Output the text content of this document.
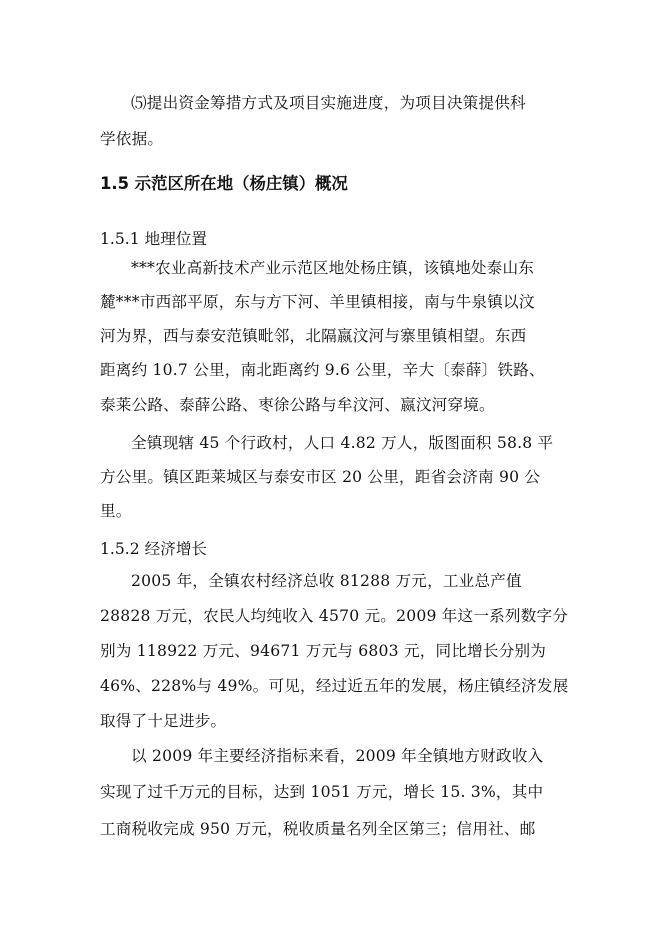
⑸提出资金筹措方式及项目实施进度，为项目决策提供科
学依据。
1.5 示范区所在地（杨庄镇）概况
1.5.1 地理位置
***农业高新技术产业示范区地处杨庄镇，该镇地处泰山东
麓***市西部平原，东与方下河、羊里镇相接，南与牛泉镇以汶
河为界，西与泰安范镇毗邻，北隔嬴汶河与寨里镇相望。东西
距离约 10.7 公里，南北距离约 9.6 公里，辛大〔泰薛〕铁路、
泰莱公路、泰薛公路、枣徐公路与牟汶河、嬴汶河穿境。
全镇现辖 45 个行政村，人口 4.82 万人，版图面积 58.8 平
方公里。镇区距莱城区与泰安市区 20 公里，距省会济南 90 公
里。
1.5.2 经济增长
2005 年，全镇农村经济总收 81288 万元，工业总产值
28828 万元，农民人均纯收入 4570 元。2009 年这一系列数字分
别为 118922 万元、94671 万元与 6803 元，同比增长分别为
46%、228%与 49%。可见，经过近五年的发展，杨庄镇经济发展
取得了十足进步。
以 2009 年主要经济指标来看，2009 年全镇地方财政收入
实现了过千万元的目标，达到 1051 万元，增长 15. 3%，其中
工商税收完成 950 万元，税收质量名列全区第三；信用社、邮
